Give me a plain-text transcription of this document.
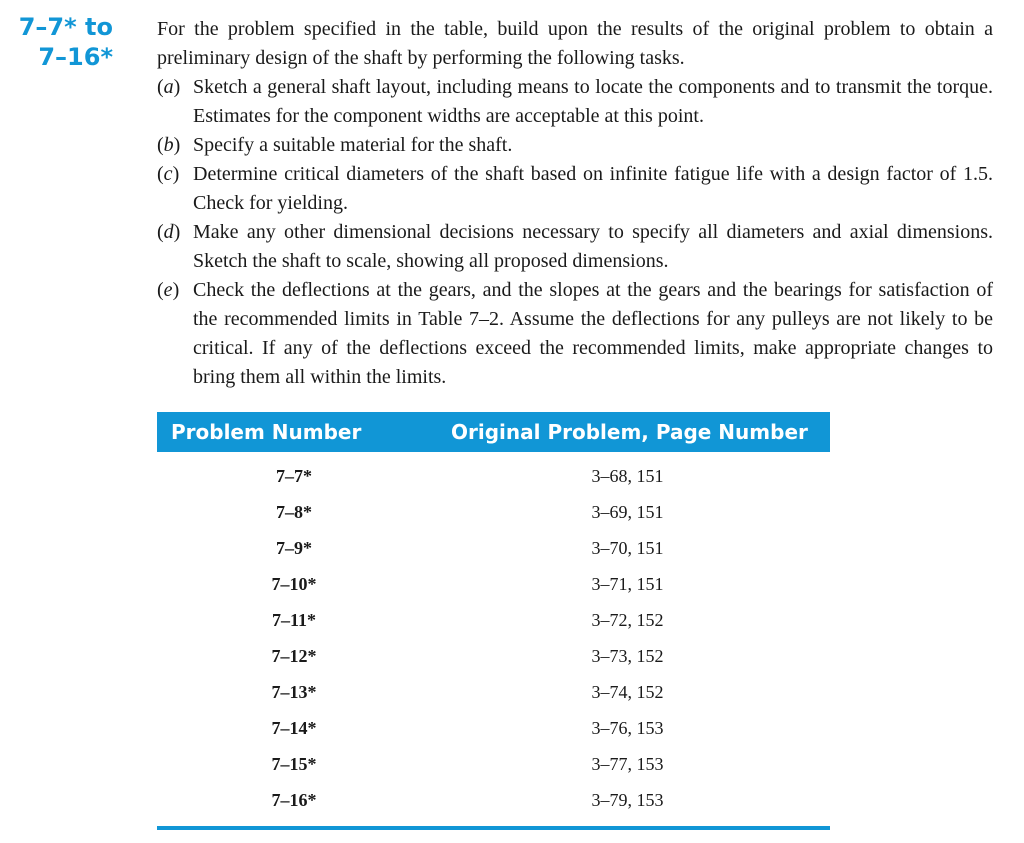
7–7* to
7–16*

For the problem specified in the table, build upon the results of the original problem to obtain a preliminary design of the shaft by performing the following tasks.

(a) Sketch a general shaft layout, including means to locate the components and to transmit the torque. Estimates for the component widths are acceptable at this point.
(b) Specify a suitable material for the shaft.
(c) Determine critical diameters of the shaft based on infinite fatigue life with a design factor of 1.5. Check for yielding.
(d) Make any other dimensional decisions necessary to specify all diameters and axial dimensions. Sketch the shaft to scale, showing all proposed dimensions.
(e) Check the deflections at the gears, and the slopes at the gears and the bearings for satisfaction of the recommended limits in Table 7–2. Assume the deflections for any pulleys are not likely to be critical. If any of the deflections exceed the recommended limits, make appropriate changes to bring them all within the limits.
Problem Number	Original Problem, Page Number
7–7*	3–68, 151
7–8*	3–69, 151
7–9*	3–70, 151
7–10*	3–71, 151
7–11*	3–72, 152
7–12*	3–73, 152
7–13*	3–74, 152
7–14*	3–76, 153
7–15*	3–77, 153
7–16*	3–79, 153
